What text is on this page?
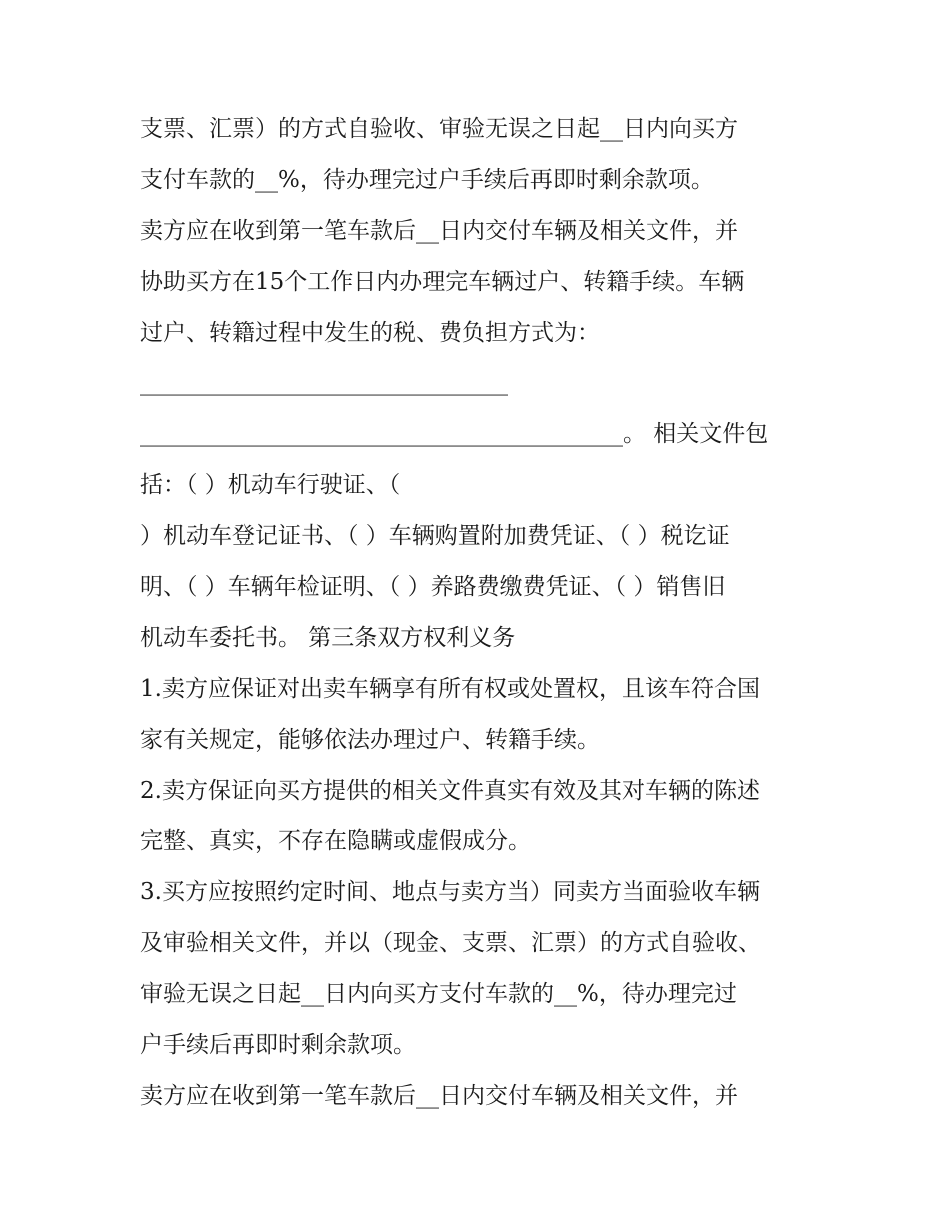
支票、汇票）的方式自验收、审验无误之日起__日内向买方
支付车款的__%，待办理完过户手续后再即时剩余款项。
卖方应在收到第一笔车款后__日内交付车辆及相关文件，并
协助买方在15个工作日内办理完车辆过户、转籍手续。车辆
过户、转籍过程中发生的税、费负担方式为：
________________________________
__________________________________________。 相关文件包
括：（ ）机动车行驶证、（
）机动车登记证书、（ ）车辆购置附加费凭证、（ ）税讫证
明、（ ）车辆年检证明、（ ）养路费缴费凭证、（ ）销售旧
机动车委托书。 第三条双方权利义务
1.卖方应保证对出卖车辆享有所有权或处置权，且该车符合国
家有关规定，能够依法办理过户、转籍手续。
2.卖方保证向买方提供的相关文件真实有效及其对车辆的陈述
完整、真实，不存在隐瞒或虚假成分。
3.买方应按照约定时间、地点与卖方当）同卖方当面验收车辆
及审验相关文件，并以（现金、支票、汇票）的方式自验收、
审验无误之日起__日内向买方支付车款的__%，待办理完过
户手续后再即时剩余款项。
卖方应在收到第一笔车款后__日内交付车辆及相关文件，并
